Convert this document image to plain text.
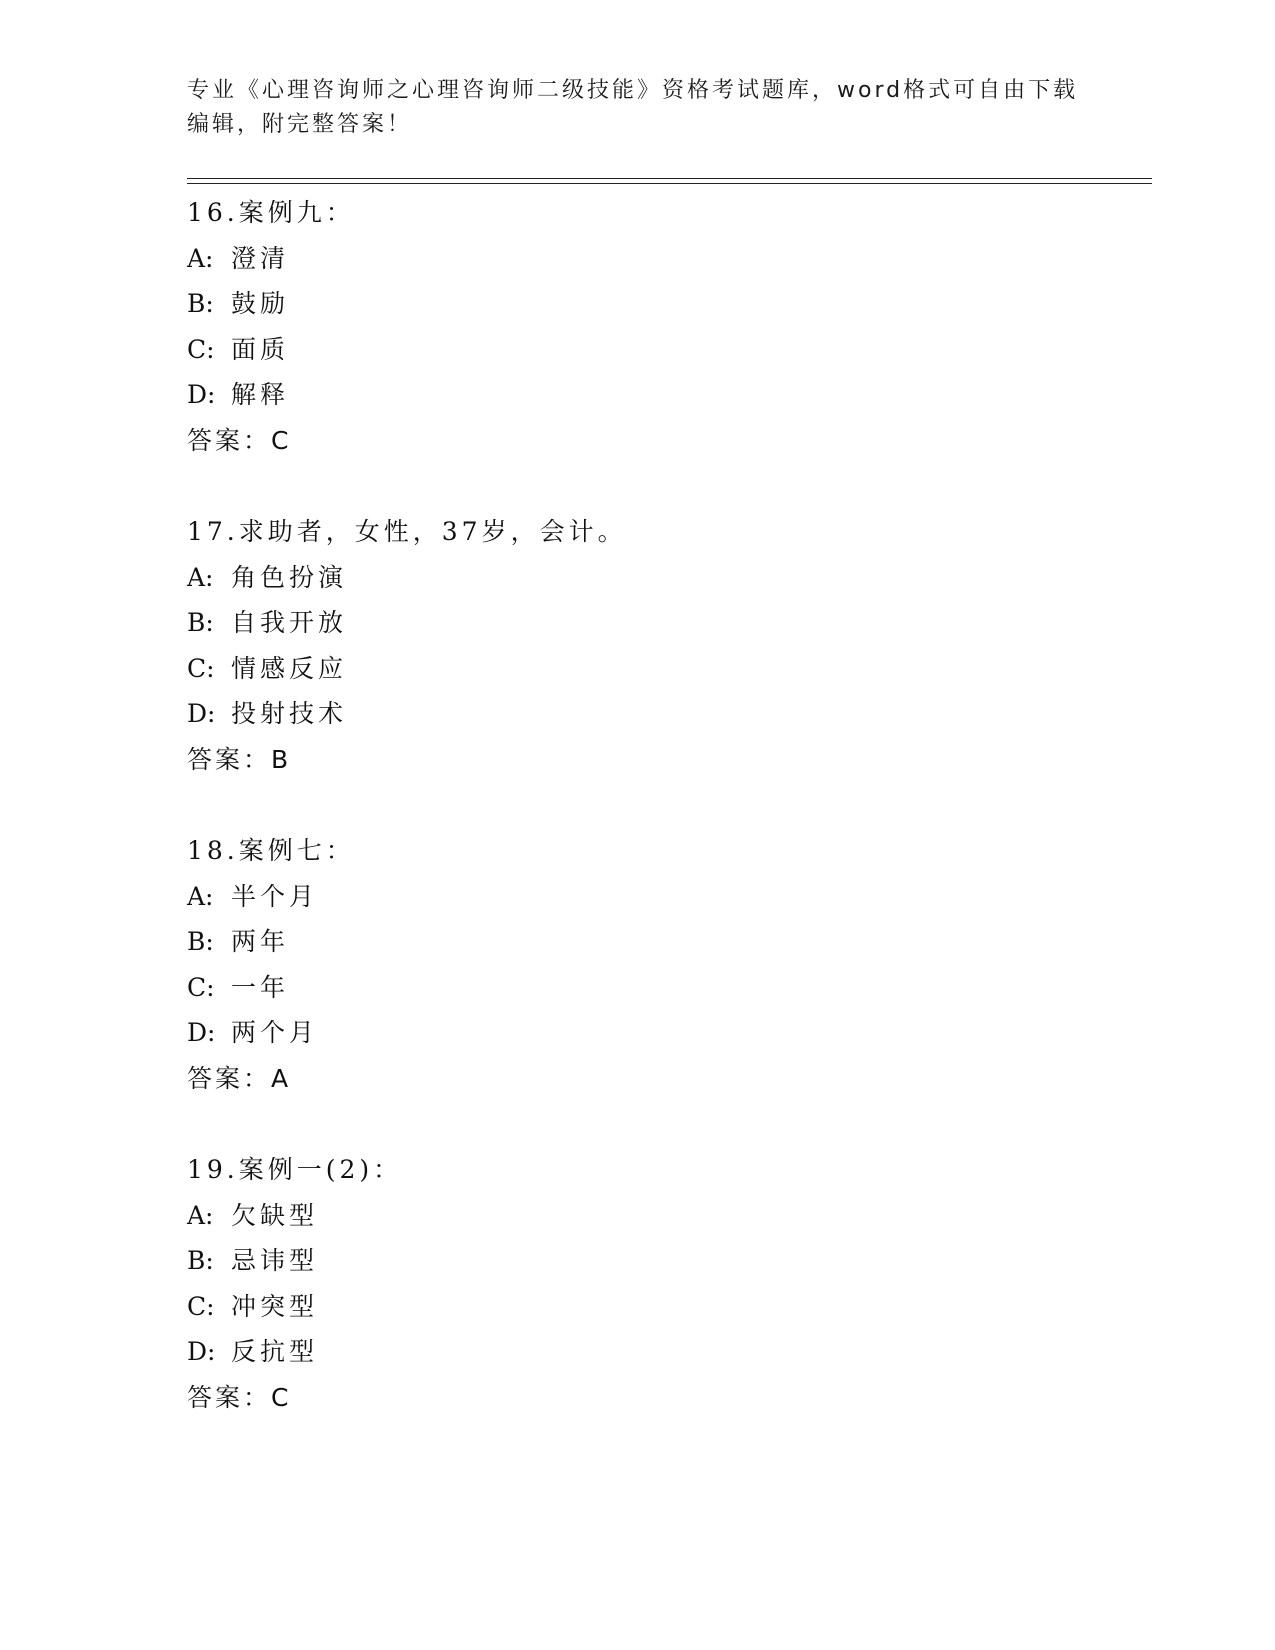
专业《心理咨询师之心理咨询师二级技能》资格考试题库，word格式可自由下载
编辑，附完整答案！
16.案例九：
A: 澄清
B: 鼓励
C: 面质
D: 解释
答案：C
17.求助者，女性，37岁，会计。
A: 角色扮演
B: 自我开放
C: 情感反应
D: 投射技术
答案：B
18.案例七：
A: 半个月
B: 两年
C: 一年
D: 两个月
答案：A
19.案例一(2)：
A: 欠缺型
B: 忌讳型
C: 冲突型
D: 反抗型
答案：C
